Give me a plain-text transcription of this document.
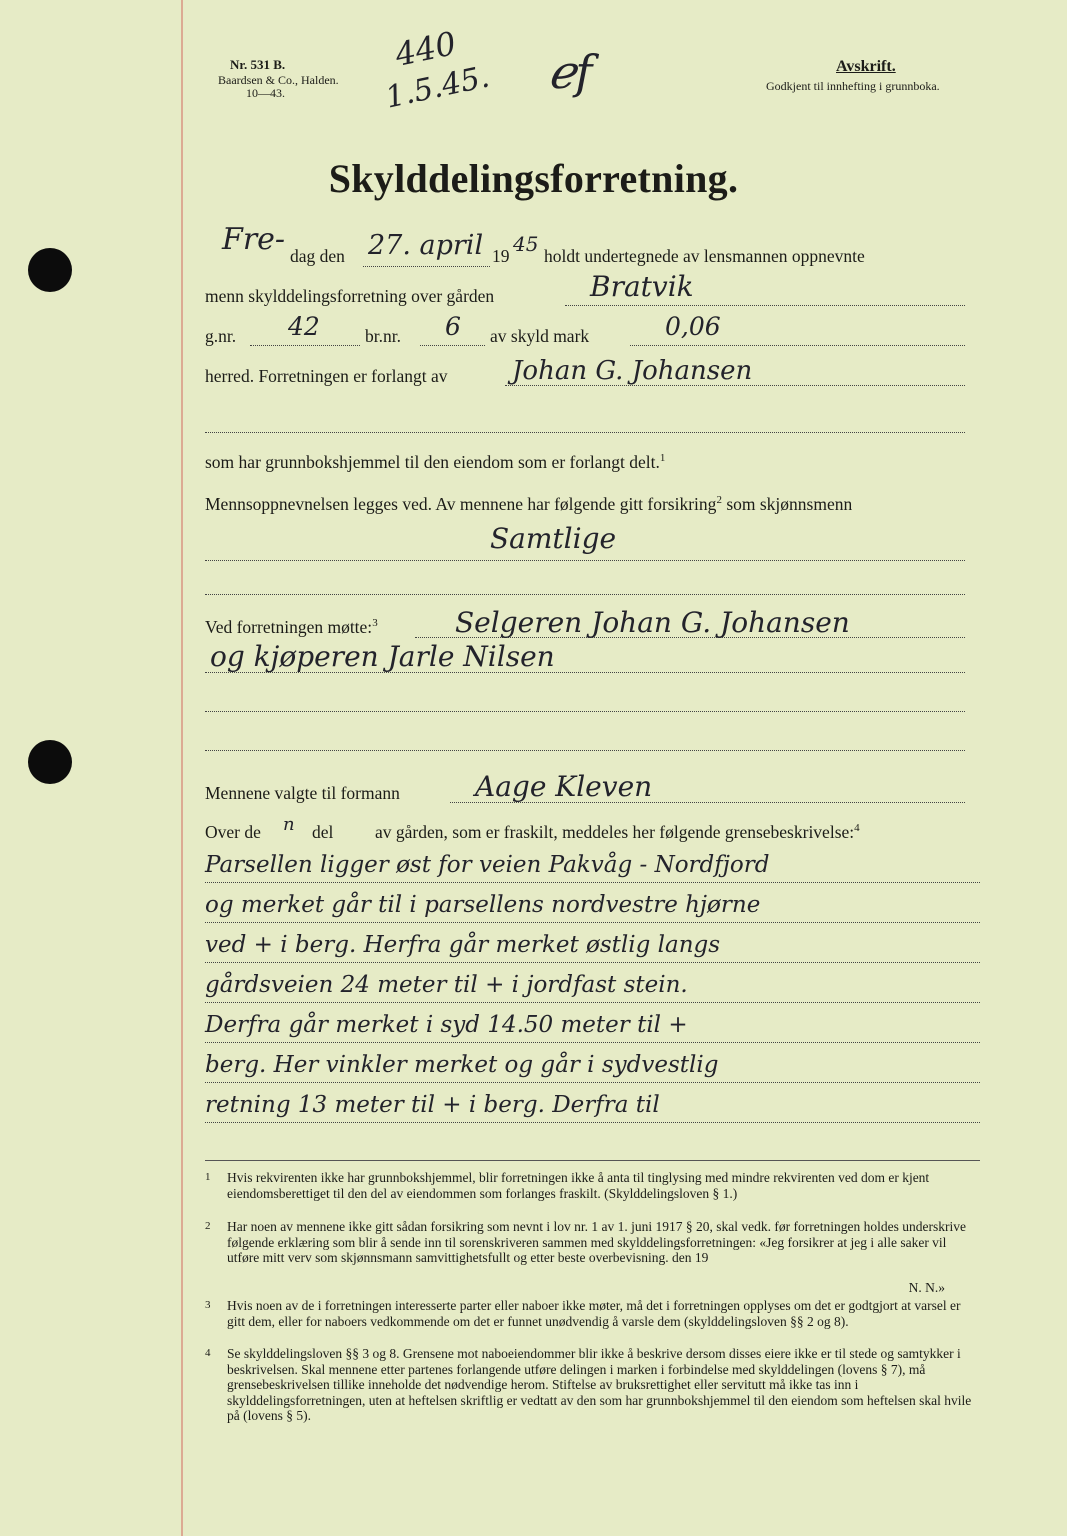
Nr. 531 B.
Baardsen & Co., Halden.
10—43.
440
1.5.45. ℯf	Avskrift.
Godkjent til innhefting i grunnboka.
Skylddelingsforretning.
Fre- dag den 27. april 19 45 holdt undertegnede av lensmannen oppnevnte
menn skylddelingsforretning over gården	Bratvik
g.nr. 42	br.nr. 6 av skyld mark	0,06
herred. Forretningen er forlangt av Johan G. Johansen
som har grunnbokshjemmel til den eiendom som er forlangt delt.$^1$
Mennsoppnevnelsen legges ved. Av mennene har følgende gitt forsikring$^2$ som skjønnsmenn
Samtlige
Ved forretningen møtte:$^3$	Selgeren Johan G. Johansen
og kjøperen Jarle Nilsen
Mennene valgte til formann	Aage Kleven
Over de n del av gården, som er fraskilt, meddeles her følgende grensebeskrivelse:$^4$
Parsellen ligger øst for veien Pakvåg - Nordfjord
og merket går til i parsellens nordvestre hjørne
ved + i berg. Herfra går merket østlig langs
gårdsveien 24 meter til + i jordfast stein.
Derfra går merket i syd 14.50 meter til +
berg. Her vinkler merket og går i sydvestlig
retning 13 meter til + i berg. Derfra til
1	Hvis rekvirenten ikke har grunnbokshjemmel, blir forretningen ikke å anta til tinglysing med mindre rekvirenten ved dom er kjent eiendomsberettiget til den del av eiendommen som forlanges fraskilt. (Skylddelingsloven § 1.)
2	Har noen av mennene ikke gitt sådan forsikring som nevnt i lov nr. 1 av 1. juni 1917 § 20, skal vedk. før forretningen holdes underskrive følgende erklæring som blir å sende inn til sorenskriveren sammen med skylddelingsforretningen: «Jeg forsikrer at jeg i alle saker vil utføre mitt verv som skjønnsmann samvittighetsfullt og etter beste overbevisning. den 19
N. N.»
3	Hvis noen av de i forretningen interesserte parter eller naboer ikke møter, må det i forretningen opplyses om det er godtgjort at varsel er gitt dem, eller for naboers vedkommende om det er funnet unødvendig å varsle dem (skylddelingsloven §§ 2 og 8).
4	Se skylddelingsloven §§ 3 og 8. Grensene mot naboeiendommer blir ikke å beskrive dersom disses eiere ikke er til stede og samtykker i beskrivelsen. Skal mennene etter partenes forlangende utføre delingen i marken i forbindelse med skylddelingen (lovens § 7), må grensebeskrivelsen tillike inneholde det nødvendige herom. Stiftelse av bruksrettighet eller servitutt må ikke tas inn i skylddelingsforretningen, uten at heftelsen skriftlig er vedtatt av den som har grunnbokshjemmel til den eiendom som heftelsen skal hvile på (lovens § 5).
